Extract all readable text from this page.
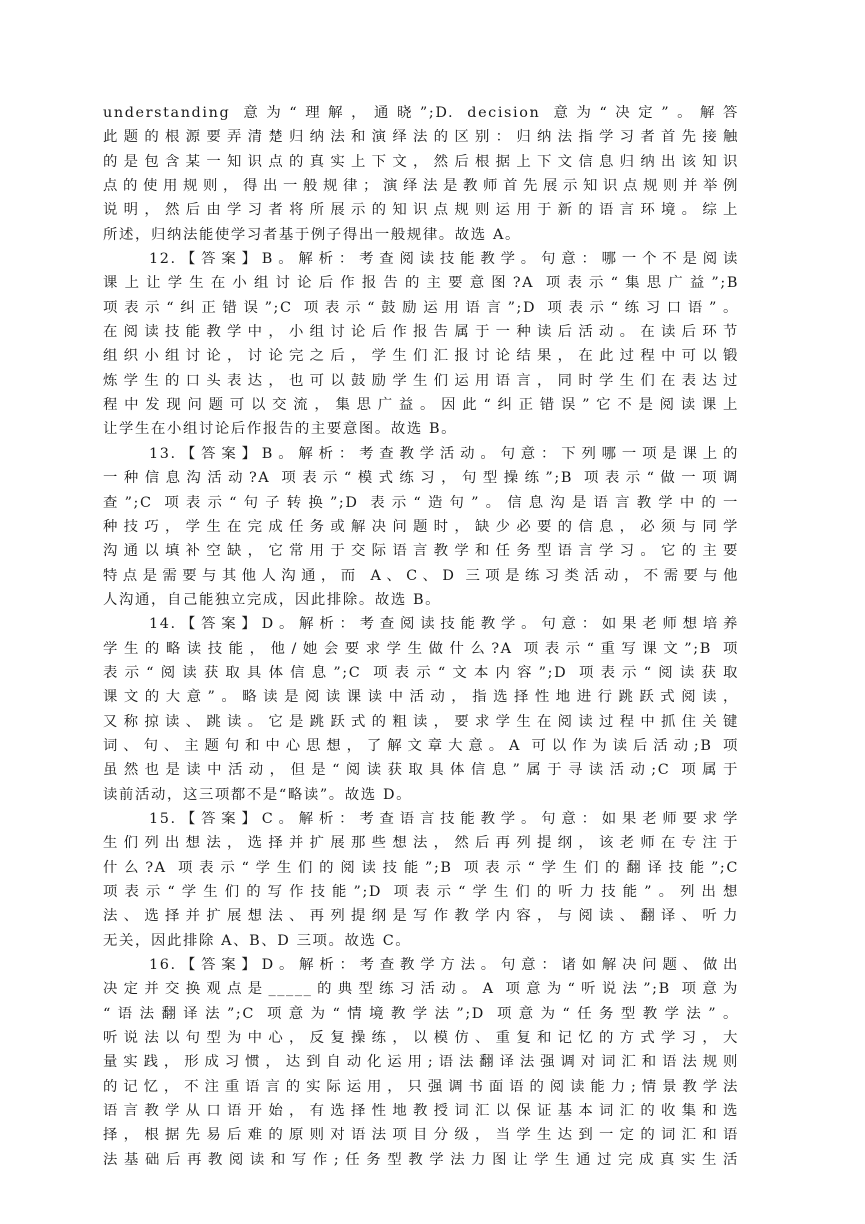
understanding 意为“理解，通晓”;D. decision 意为“决定”。解答
此题的根源要弄清楚归纳法和演绎法的区别：归纳法指学习者首先接触
的是包含某一知识点的真实上下文，然后根据上下文信息归纳出该知识
点的使用规则，得出一般规律；演绎法是教师首先展示知识点规则并举例
说明，然后由学习者将所展示的知识点规则运用于新的语言环境。综上
所述，归纳法能使学习者基于例子得出一般规律。故选 A。
12.【答案】B。解析：考查阅读技能教学。句意：哪一个不是阅读
课上让学生在小组讨论后作报告的主要意图?A 项表示“集思广益”;B
项表示“纠正错误”;C 项表示“鼓励运用语言”;D 项表示“练习口语”。
在阅读技能教学中，小组讨论后作报告属于一种读后活动。在读后环节
组织小组讨论，讨论完之后，学生们汇报讨论结果，在此过程中可以锻
炼学生的口头表达，也可以鼓励学生们运用语言，同时学生们在表达过
程中发现问题可以交流，集思广益。因此“纠正错误”它不是阅读课上
让学生在小组讨论后作报告的主要意图。故选 B。
13.【答案】B。解析：考查教学活动。句意：下列哪一项是课上的
一种信息沟活动?A 项表示“模式练习，句型操练”;B 项表示“做一项调
查”;C 项表示“句子转换”;D 表示“造句”。信息沟是语言教学中的一
种技巧，学生在完成任务或解决问题时，缺少必要的信息，必须与同学
沟通以填补空缺，它常用于交际语言教学和任务型语言学习。它的主要
特点是需要与其他人沟通，而 A、C、D 三项是练习类活动，不需要与他
人沟通，自己能独立完成，因此排除。故选 B。
14.【答案】D。解析：考查阅读技能教学。句意：如果老师想培养
学生的略读技能，他/她会要求学生做什么?A 项表示“重写课文”;B 项
表示“阅读获取具体信息”;C 项表示“文本内容”;D 项表示“阅读获取
课文的大意”。略读是阅读课读中活动，指选择性地进行跳跃式阅读，
又称掠读、跳读。它是跳跃式的粗读，要求学生在阅读过程中抓住关键
词、句、主题句和中心思想，了解文章大意。A 可以作为读后活动;B 项
虽然也是读中活动，但是“阅读获取具体信息”属于寻读活动;C 项属于
读前活动，这三项都不是“略读”。故选 D。
15.【答案】C。解析：考查语言技能教学。句意：如果老师要求学
生们列出想法，选择并扩展那些想法，然后再列提纲，该老师在专注于
什么?A 项表示“学生们的阅读技能”;B 项表示“学生们的翻译技能”;C
项表示“学生们的写作技能”;D 项表示“学生们的听力技能”。列出想
法、选择并扩展想法、再列提纲是写作教学内容，与阅读、翻译、听力
无关，因此排除 A、B、D 三项。故选 C。
16.【答案】D。解析：考查教学方法。句意：诸如解决问题、做出
决定并交换观点是_____的典型练习活动。A 项意为“听说法”;B 项意为
“语法翻译法”;C 项意为“情境教学法”;D 项意为“任务型教学法”。
听说法以句型为中心，反复操练，以模仿、重复和记忆的方式学习，大
量实践，形成习惯，达到自动化运用;语法翻译法强调对词汇和语法规则
的记忆，不注重语言的实际运用，只强调书面语的阅读能力;情景教学法
语言教学从口语开始，有选择性地教授词汇以保证基本词汇的收集和选
择，根据先易后难的原则对语法项目分级，当学生达到一定的词汇和语
法基础后再教阅读和写作;任务型教学法力图让学生通过完成真实生活
